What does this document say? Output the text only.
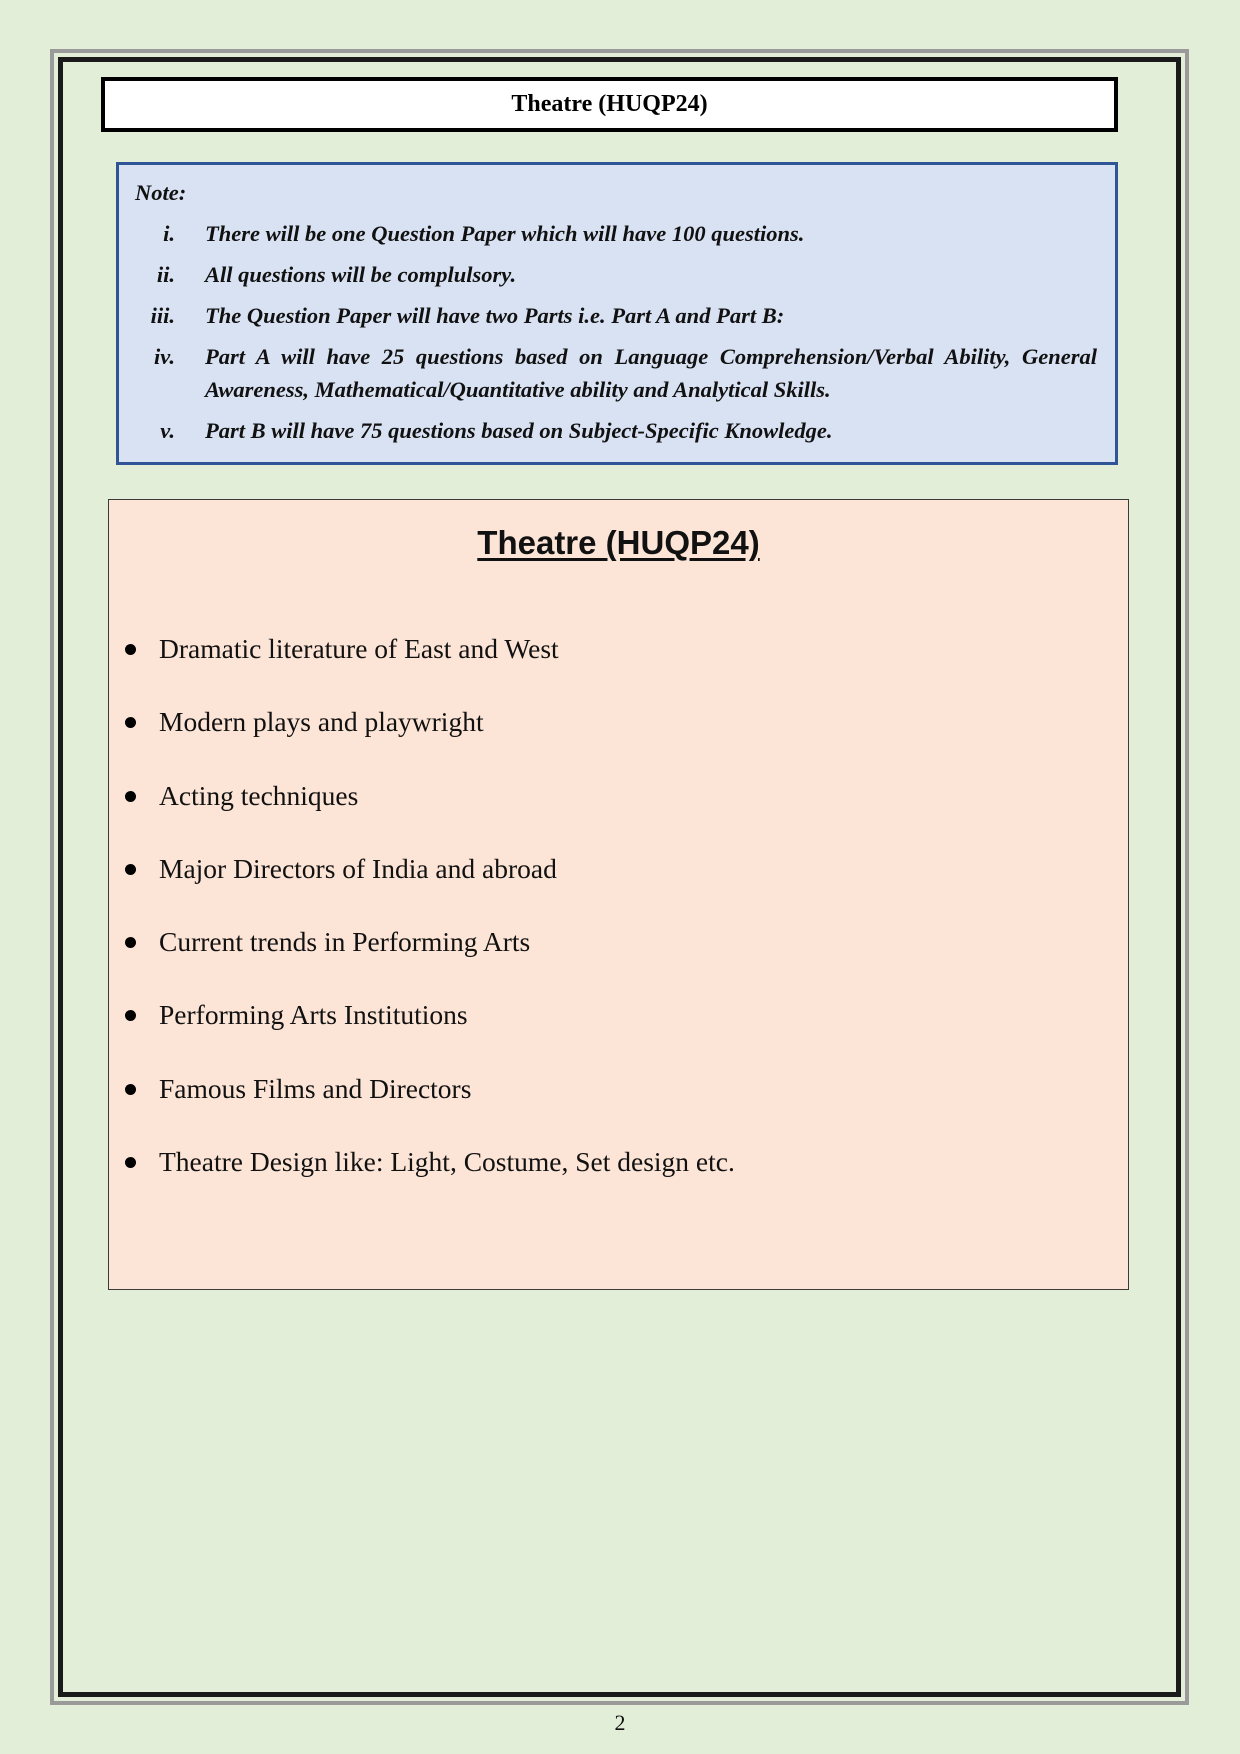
Theatre (HUQP24)
Note:
i.	There will be one Question Paper which will have 100 questions.
ii.	All questions will be complulsory.
iii.	The Question Paper will have two Parts i.e. Part A and Part B:
iv.	Part A will have 25 questions based on Language Comprehension/Verbal Ability, General Awareness, Mathematical/Quantitative ability and Analytical Skills.
v.	Part B will have 75 questions based on Subject-Specific Knowledge.
Theatre (HUQP24)
Dramatic literature of East and West
Modern plays and playwright
Acting techniques
Major Directors of India and abroad
Current trends in Performing Arts
Performing Arts Institutions
Famous Films and Directors
Theatre Design like: Light, Costume, Set design etc.
2
